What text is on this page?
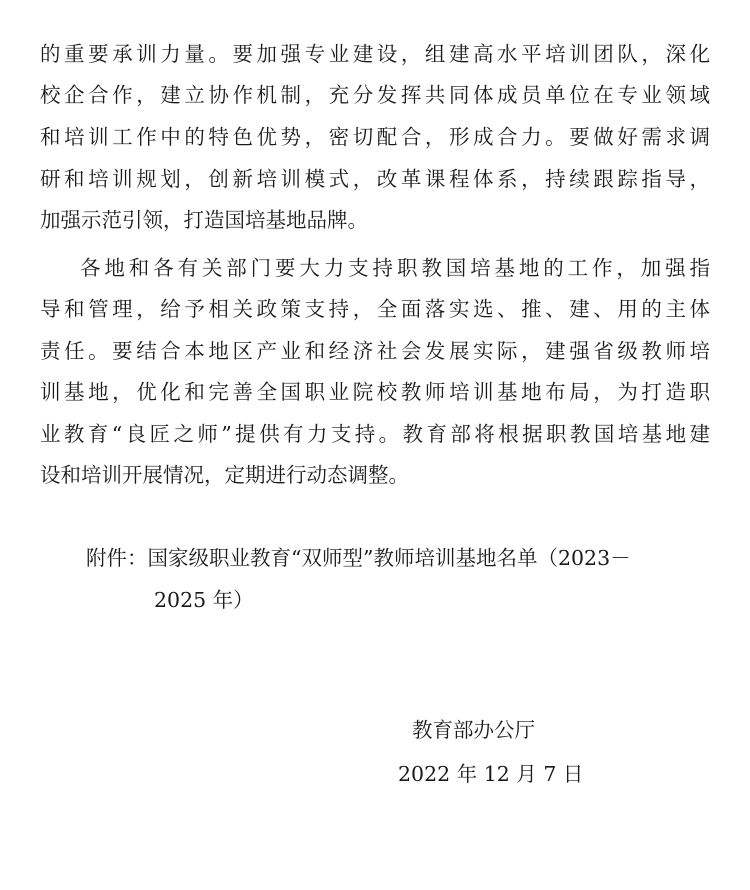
的重要承训力量。要加强专业建设，组建高水平培训团队，深化
校企合作，建立协作机制，充分发挥共同体成员单位在专业领域
和培训工作中的特色优势，密切配合，形成合力。要做好需求调
研和培训规划，创新培训模式，改革课程体系，持续跟踪指导，
加强示范引领，打造国培基地品牌。
各地和各有关部门要大力支持职教国培基地的工作，加强指
导和管理，给予相关政策支持，全面落实选、推、建、用的主体
责任。要结合本地区产业和经济社会发展实际，建强省级教师培
训基地，优化和完善全国职业院校教师培训基地布局，为打造职
业教育“良匠之师”提供有力支持。教育部将根据职教国培基地建
设和培训开展情况，定期进行动态调整。
附件：国家级职业教育“双师型”教师培训基地名单（2023－
2025 年）
教育部办公厅
2022 年 12 月 7 日
